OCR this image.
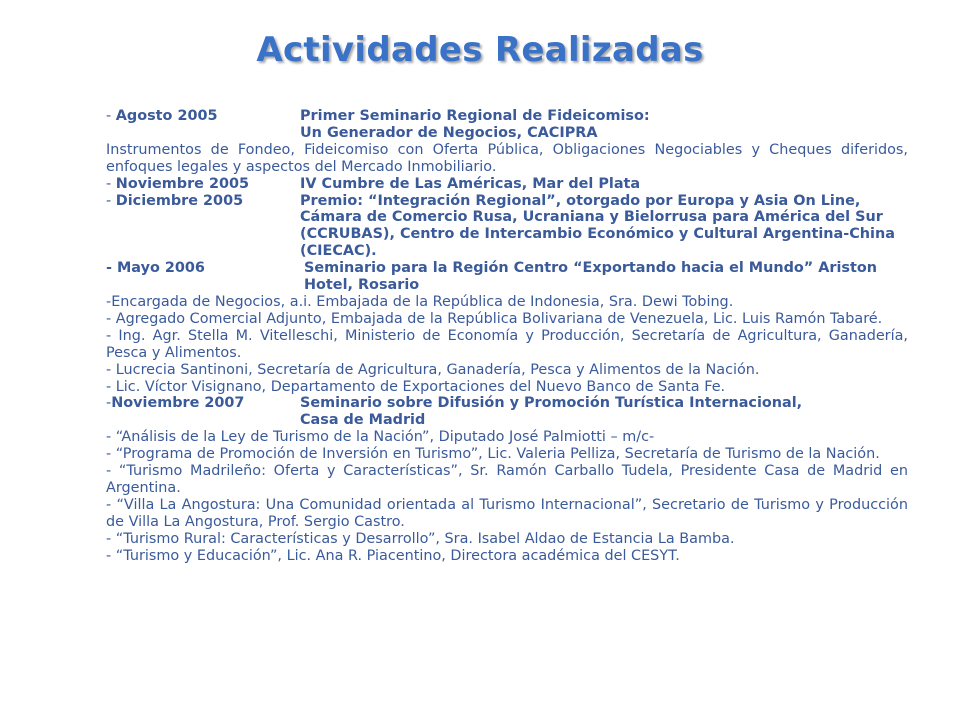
Actividades Realizadas
- Agosto 2005	Primer Seminario Regional de Fideicomiso:
Un Generador de Negocios, CACIPRA
Instrumentos de Fondeo, Fideicomiso con Oferta Pública, Obligaciones Negociables y Cheques diferidos, enfoques legales y aspectos del Mercado Inmobiliario.
- Noviembre 2005	IV Cumbre de Las Américas, Mar del Plata
- Diciembre 2005	Premio: “Integración Regional”, otorgado por Europa y Asia On Line, Cámara de Comercio Rusa, Ucraniana y Bielorrusa para América del Sur (CCRUBAS), Centro de Intercambio Económico y Cultural Argentina-China (CIECAC).
- Mayo 2006	Seminario para la Región Centro “Exportando hacia el Mundo” Ariston Hotel, Rosario
-Encargada de Negocios, a.i. Embajada de la República de Indonesia, Sra. Dewi Tobing.
- Agregado Comercial Adjunto, Embajada de la República Bolivariana de Venezuela, Lic. Luis Ramón Tabaré.
- Ing. Agr. Stella M. Vitelleschi, Ministerio de Economía y Producción, Secretaría de Agricultura, Ganadería, Pesca y Alimentos.
- Lucrecia Santinoni, Secretaría de Agricultura, Ganadería, Pesca y Alimentos de la Nación.
- Lic. Víctor Visignano, Departamento de Exportaciones del Nuevo Banco de Santa Fe.
-Noviembre 2007	Seminario sobre Difusión y Promoción Turística Internacional,
Casa de Madrid
- “Análisis de la Ley de Turismo de la Nación”, Diputado José Palmiotti – m/c-
- “Programa de Promoción de Inversión en Turismo”, Lic. Valeria Pelliza, Secretaría de Turismo de la Nación.
- “Turismo Madrileño: Oferta y Características”, Sr. Ramón Carballo Tudela, Presidente Casa de Madrid en Argentina.
- “Villa La Angostura: Una Comunidad orientada al Turismo Internacional”, Secretario de Turismo y Producción de Villa La Angostura, Prof. Sergio Castro.
- “Turismo Rural: Características y Desarrollo”, Sra. Isabel Aldao de Estancia La Bamba.
- “Turismo y Educación”, Lic. Ana R. Piacentino, Directora académica del CESYT.
